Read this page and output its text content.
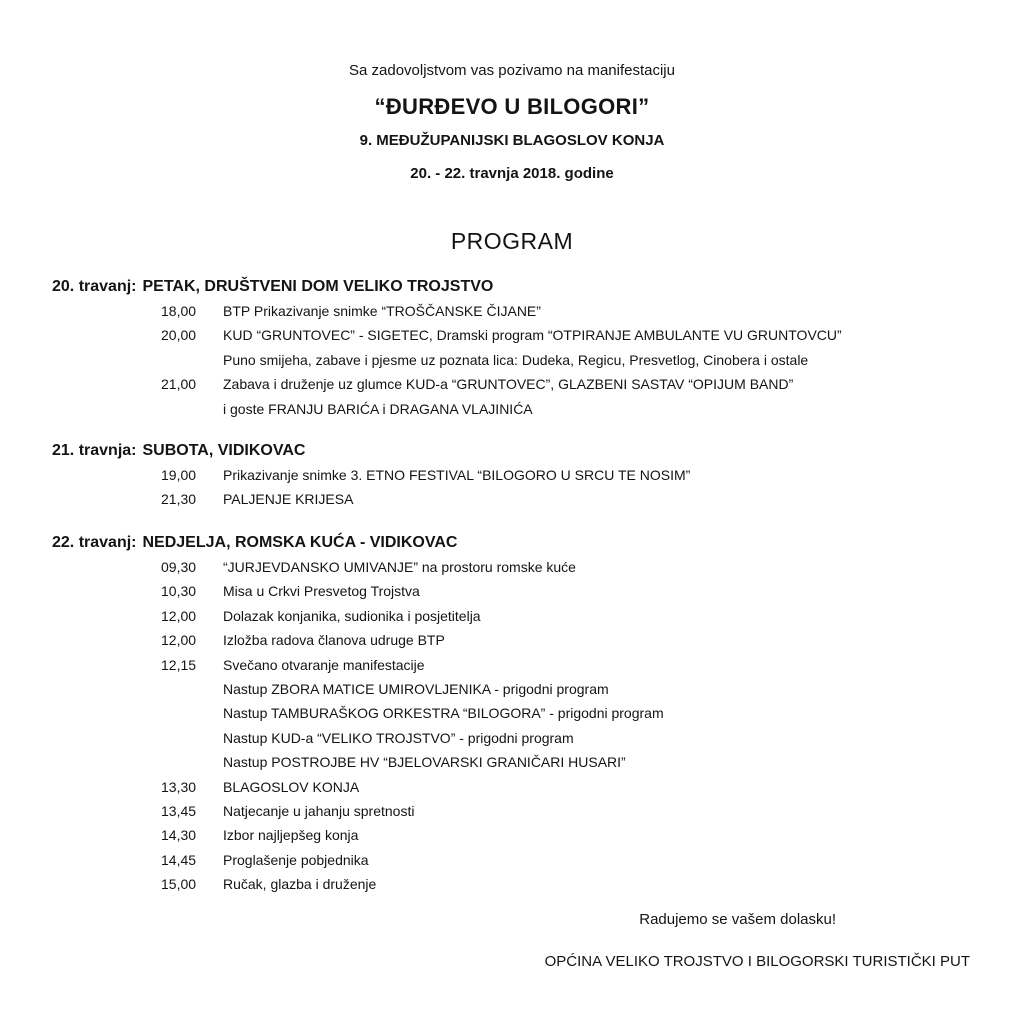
Sa zadovoljstvom vas pozivamo na manifestaciju
“ĐURĐEVO U BILOGORI”
9. MEĐUŽUPANIJSKI BLAGOSLOV KONJA
20. - 22. travnja 2018. godine
PROGRAM
20. travanj: PETAK, DRUŠTVENI DOM VELIKO TROJSTVO
18,00	BTP Prikazivanje snimke “TROŠČANSKE ČIJANE”
20,00	KUD “GRUNTOVEC” - SIGETEC, Dramski program “OTPIRANJE AMBULANTE VU GRUNTOVCU”
Puno smijeha, zabave i pjesme uz poznata lica: Dudeka, Regicu, Presvetlog, Cinobera i ostale
21,00	Zabava i druženje uz glumce KUD-a “GRUNTOVEC”, GLAZBENI SASTAV “OPIJUM BAND”
i goste FRANJU BARIĆA i DRAGANA VLAJINIĆA
21. travnja: SUBOTA, VIDIKOVAC
19,00	Prikazivanje snimke 3. ETNO FESTIVAL “BILOGORO U SRCU TE NOSIM”
21,30	PALJENJE KRIJESA
22. travanj: NEDJELJA, ROMSKA KUĆA - VIDIKOVAC
09,30	“JURJEVDANSKO UMIVANJE” na prostoru romske kuće
10,30	Misa u Crkvi Presvetog Trojstva
12,00	Dolazak konjanika, sudionika i posjetitelja
12,00	Izložba radova članova udruge BTP
12,15	Svečano otvaranje manifestacije
Nastup ZBORA MATICE UMIROVLJENIKA - prigodni program
Nastup TAMBURAŠKOG ORKESTRA “BILOGORA” - prigodni program
Nastup KUD-a “VELIKO TROJSTVO” - prigodni program
Nastup POSTROJBE HV “BJELOVARSKI GRANIČARI HUSARI”
13,30	BLAGOSLOV KONJA
13,45	Natjecanje u jahanju spretnosti
14,30	Izbor najljepšeg konja
14,45	Proglašenje pobjednika
15,00	Ručak, glazba i druženje
Radujemo se vašem dolasku!
OPĆINA VELIKO TROJSTVO I BILOGORSKI TURISTIČKI PUT
